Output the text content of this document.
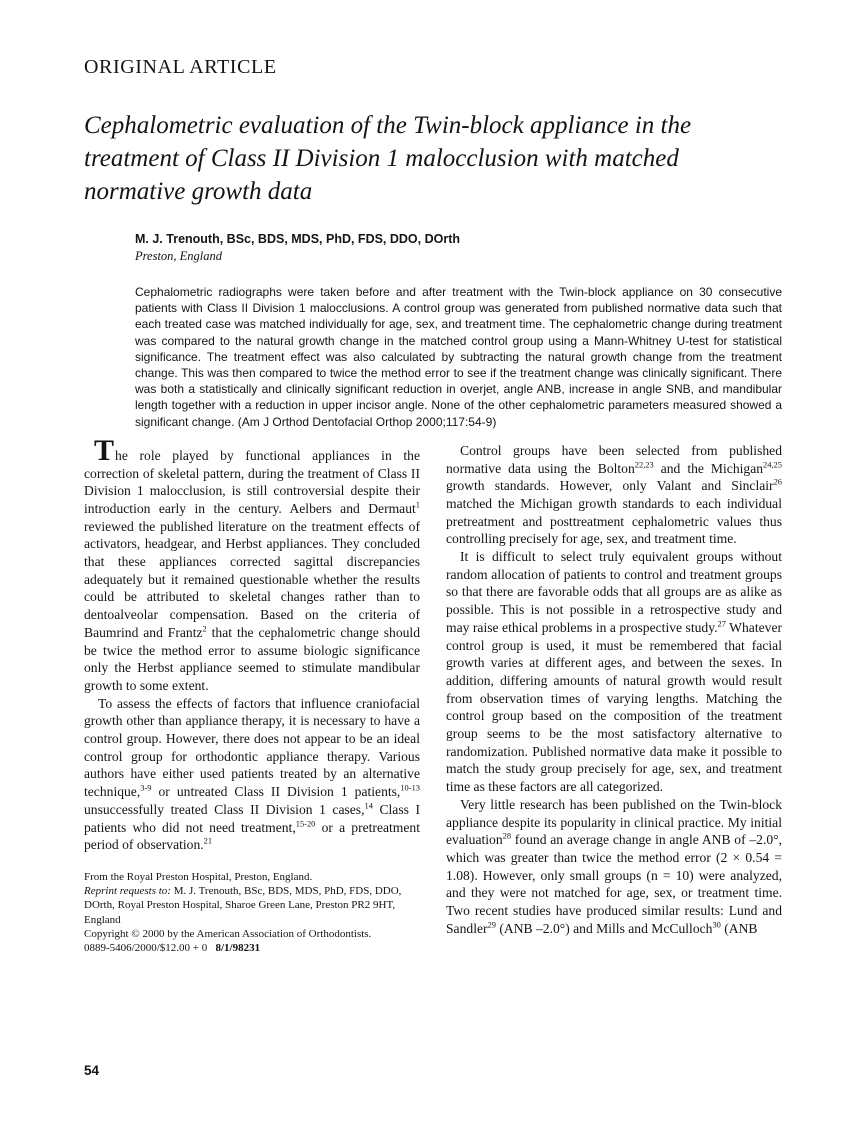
ORIGINAL ARTICLE
Cephalometric evaluation of the Twin-block appliance in the treatment of Class II Division 1 malocclusion with matched normative growth data
M. J. Trenouth, BSc, BDS, MDS, PhD, FDS, DDO, DOrth
Preston, England

Cephalometric radiographs were taken before and after treatment with the Twin-block appliance on 30 consecutive patients with Class II Division 1 malocclusions. A control group was generated from published normative data such that each treated case was matched individually for age, sex, and treatment time. The cephalometric change during treatment was compared to the natural growth change in the matched control group using a Mann-Whitney U-test for statistical significance. The treatment effect was also calculated by subtracting the natural growth change from the treatment change. This was then compared to twice the method error to see if the treatment change was clinically significant. There was both a statistically and clinically significant reduction in overjet, angle ANB, increase in angle SNB, and mandibular length together with a reduction in upper incisor angle. None of the other cephalometric parameters measured showed a significant change. (Am J Orthod Dentofacial Orthop 2000;117:54-9)

The role played by functional appliances in the correction of skeletal pattern, during the treatment of Class II Division 1 malocclusion, is still controversial despite their introduction early in the century. Aelbers and Dermaut$^1$ reviewed the published literature on the treatment effects of activators, headgear, and Herbst appliances. They concluded that these appliances corrected sagittal discrepancies adequately but it remained questionable whether the results could be attributed to skeletal changes rather than to dentoalveolar compensation. Based on the criteria of Baumrind and Frantz$^2$ that the cephalometric change should be twice the method error to assume biologic significance only the Herbst appliance seemed to stimulate mandibular growth to some extent.

To assess the effects of factors that influence craniofacial growth other than appliance therapy, it is necessary to have a control group. However, there does not appear to be an ideal control group for orthodontic appliance therapy. Various authors have either used patients treated by an alternative technique,$^{3-9}$ or untreated Class II Division 1 patients,$^{10-13}$ unsuccessfully treated Class II Division 1 cases,$^{14}$ Class I patients who did not need treatment,$^{15-20}$ or a pretreatment period of observation.$^{21}$

From the Royal Preston Hospital, Preston, England.

Reprint requests to: M. J. Trenouth, BSc, BDS, MDS, PhD, FDS, DDO, DOrth, Royal Preston Hospital, Sharoe Green Lane, Preston PR2 9HT, England

Copyright © 2000 by the American Association of Orthodontists.

0889-5406/2000/$12.00 + 0   8/1/98231

Control groups have been selected from published normative data using the Bolton$^{22,23}$ and the Michigan$^{24,25}$ growth standards. However, only Valant and Sinclair$^{26}$ matched the Michigan growth standards to each individual pretreatment and posttreatment cephalometric values thus controlling precisely for age, sex, and treatment time.

It is difficult to select truly equivalent groups without random allocation of patients to control and treatment groups so that there are favorable odds that all groups are as alike as possible. This is not possible in a retrospective study and may raise ethical problems in a prospective study.$^{27}$ Whatever control group is used, it must be remembered that facial growth varies at different ages, and between the sexes. In addition, differing amounts of natural growth would result from observation times of varying lengths. Matching the control group based on the composition of the treatment group seems to be the most satisfactory alternative to randomization. Published normative data make it possible to match the study group precisely for age, sex, and treatment time as these factors are all categorized.

Very little research has been published on the Twin-block appliance despite its popularity in clinical practice. My initial evaluation$^{28}$ found an average change in angle ANB of –2.0°, which was greater than twice the method error (2 × 0.54 = 1.08). However, only small groups (n = 10) were analyzed, and they were not matched for age, sex, or treatment time. Two recent studies have produced similar results: Lund and Sandler$^{29}$ (ANB –2.0°) and Mills and McCulloch$^{30}$ (ANB

54
